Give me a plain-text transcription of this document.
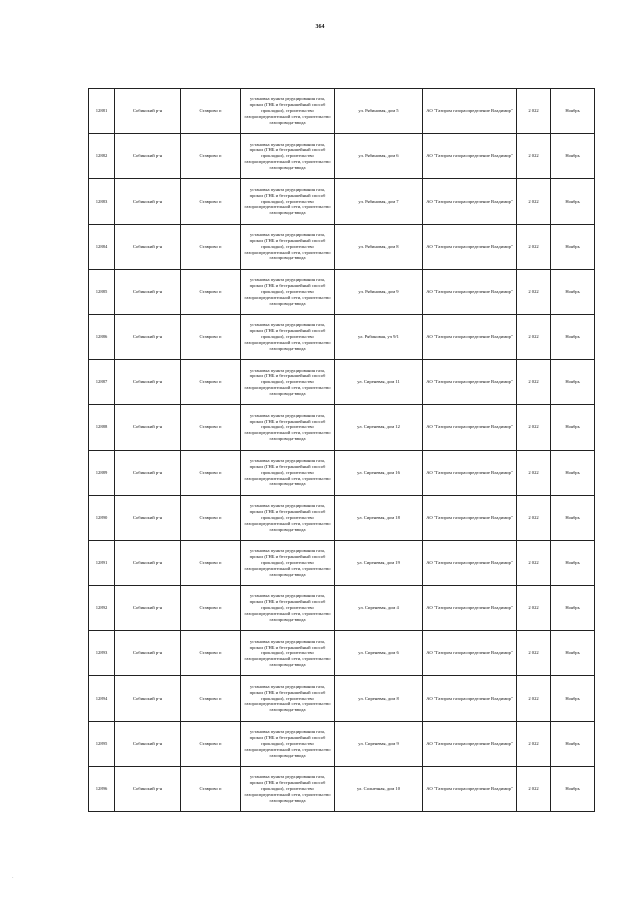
364
12881	Собинский р-н	Ставрово п	установка пункта редуцирования газа, прокол (ГНБ и бестраншейный способ прокладки), строительство газораспределительной сети, строительство газопровода-ввода	ул. Рябиновая, дом 5	АО "Газпром газораспределение Владимир"	2 022	Ноябрь
12882	Собинский р-н	Ставрово п	установка пункта редуцирования газа, прокол (ГНБ и бестраншейный способ прокладки), строительство газораспределительной сети, строительство газопровода-ввода	ул. Рябиновая, дом 6	АО "Газпром газораспределение Владимир"	2 022	Ноябрь
12883	Собинский р-н	Ставрово п	установка пункта редуцирования газа, прокол (ГНБ и бестраншейный способ прокладки), строительство газораспределительной сети, строительство газопровода-ввода	ул. Рябиновая, дом 7	АО "Газпром газораспределение Владимир"	2 022	Ноябрь
12884	Собинский р-н	Ставрово п	установка пункта редуцирования газа, прокол (ГНБ и бестраншейный способ прокладки), строительство газораспределительной сети, строительство газопровода-ввода	ул. Рябиновая, дом 8	АО "Газпром газораспределение Владимир"	2 022	Ноябрь
12885	Собинский р-н	Ставрово п	установка пункта редуцирования газа, прокол (ГНБ и бестраншейный способ прокладки), строительство газораспределительной сети, строительство газопровода-ввода	ул. Рябиновая, дом 9	АО "Газпром газораспределение Владимир"	2 022	Ноябрь
12886	Собинский р-н	Ставрово п	установка пункта редуцирования газа, прокол (ГНБ и бестраншейный способ прокладки), строительство газораспределительной сети, строительство газопровода-ввода	ул. Рябиновая, уч 9/1	АО "Газпром газораспределение Владимир"	2 022	Ноябрь
12887	Собинский р-н	Ставрово п	установка пункта редуцирования газа, прокол (ГНБ и бестраншейный способ прокладки), строительство газораспределительной сети, строительство газопровода-ввода	ул. Сиреневая, дом 11	АО "Газпром газораспределение Владимир"	2 022	Ноябрь
12888	Собинский р-н	Ставрово п	установка пункта редуцирования газа, прокол (ГНБ и бестраншейный способ прокладки), строительство газораспределительной сети, строительство газопровода-ввода	ул. Сиреневая, дом 12	АО "Газпром газораспределение Владимир"	2 022	Ноябрь
12889	Собинский р-н	Ставрово п	установка пункта редуцирования газа, прокол (ГНБ и бестраншейный способ прокладки), строительство газораспределительной сети, строительство газопровода-ввода	ул. Сиреневая, дом 16	АО "Газпром газораспределение Владимир"	2 022	Ноябрь
12890	Собинский р-н	Ставрово п	установка пункта редуцирования газа, прокол (ГНБ и бестраншейный способ прокладки), строительство газораспределительной сети, строительство газопровода-ввода	ул. Сиреневая, дом 18	АО "Газпром газораспределение Владимир"	2 022	Ноябрь
12891	Собинский р-н	Ставрово п	установка пункта редуцирования газа, прокол (ГНБ и бестраншейный способ прокладки), строительство газораспределительной сети, строительство газопровода-ввода	ул. Сиреневая, дом 19	АО "Газпром газораспределение Владимир"	2 022	Ноябрь
12892	Собинский р-н	Ставрово п	установка пункта редуцирования газа, прокол (ГНБ и бестраншейный способ прокладки), строительство газораспределительной сети, строительство газопровода-ввода	ул. Сиреневая, дом 4	АО "Газпром газораспределение Владимир"	2 022	Ноябрь
12893	Собинский р-н	Ставрово п	установка пункта редуцирования газа, прокол (ГНБ и бестраншейный способ прокладки), строительство газораспределительной сети, строительство газопровода-ввода	ул. Сиреневая, дом 6	АО "Газпром газораспределение Владимир"	2 022	Ноябрь
12894	Собинский р-н	Ставрово п	установка пункта редуцирования газа, прокол (ГНБ и бестраншейный способ прокладки), строительство газораспределительной сети, строительство газопровода-ввода	ул. Сиреневая, дом 8	АО "Газпром газораспределение Владимир"	2 022	Ноябрь
12895	Собинский р-н	Ставрово п	установка пункта редуцирования газа, прокол (ГНБ и бестраншейный способ прокладки), строительство газораспределительной сети, строительство газопровода-ввода	ул. Сиреневая, дом 9	АО "Газпром газораспределение Владимир"	2 022	Ноябрь
12896	Собинский р-н	Ставрово п	установка пункта редуцирования газа, прокол (ГНБ и бестраншейный способ прокладки), строительство газораспределительной сети, строительство газопровода-ввода	ул. Солнечная, дом 10	АО "Газпром газораспределение Владимир"	2 022	Ноябрь
·
